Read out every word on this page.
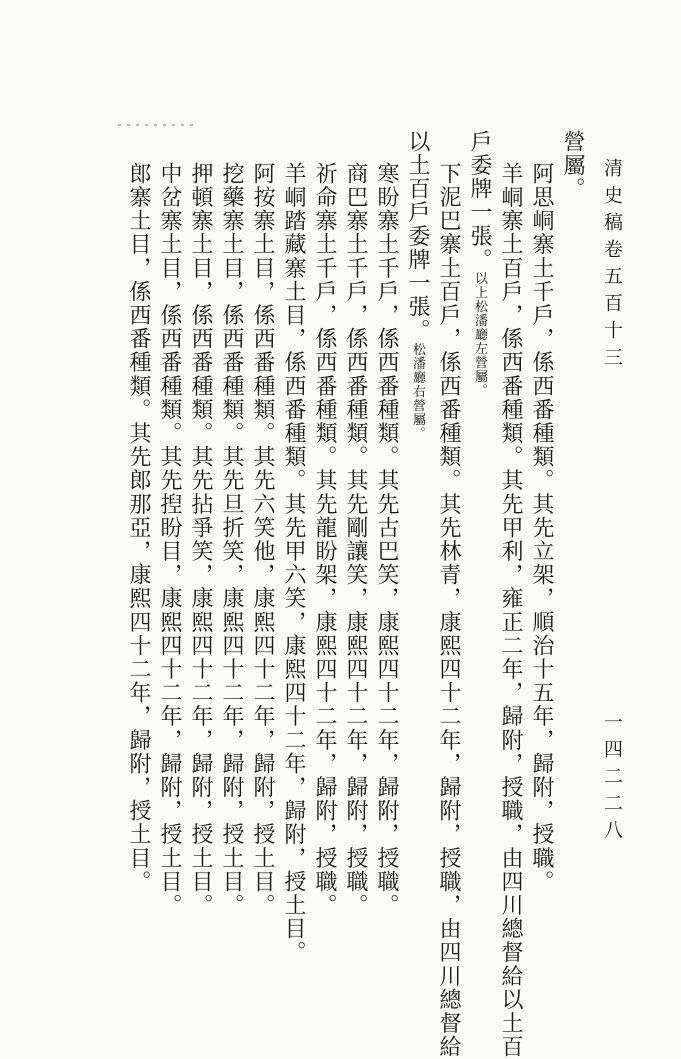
清史稿卷五百十三
一四二二八
營屬。
阿思峒寨土千戶，係西番種類。其先立架，順治十五年，歸附，授職。
羊峒寨土百戶，係西番種類。其先甲利，雍正二年，歸附，授職，由四川總督給以土百
戶委牌一張。以上松潘廳左營屬。
下泥巴寨土百戶，係西番種類。其先林青，康熙四十二年，歸附，授職，由四川總督給
以土百戶委牌一張。松潘廳右營屬。
寒盼寨土千戶，係西番種類。其先古巴笑，康熙四十二年，歸附，授職。
商巴寨土千戶，係西番種類。其先剛讓笑，康熙四十二年，歸附，授職。
祈命寨土千戶，係西番種類。其先龍盼架，康熙四十二年，歸附，授職。
羊峒踏藏寨土目，係西番種類。其先甲六笑，康熙四十二年，歸附，授土目。
阿按寨土目，係西番種類。其先六笑他，康熙四十二年，歸附，授土目。
挖藥寨土目，係西番種類。其先旦折笑，康熙四十二年，歸附，授土目。
押頓寨土目，係西番種類。其先拈爭笑，康熙四十二年，歸附，授土目。
中岔寨土目，係西番種類。其先揑盼目，康熙四十二年，歸附，授土目。
郎寨土目，係西番種類。其先郎那亞，康熙四十二年，歸附，授土目。
